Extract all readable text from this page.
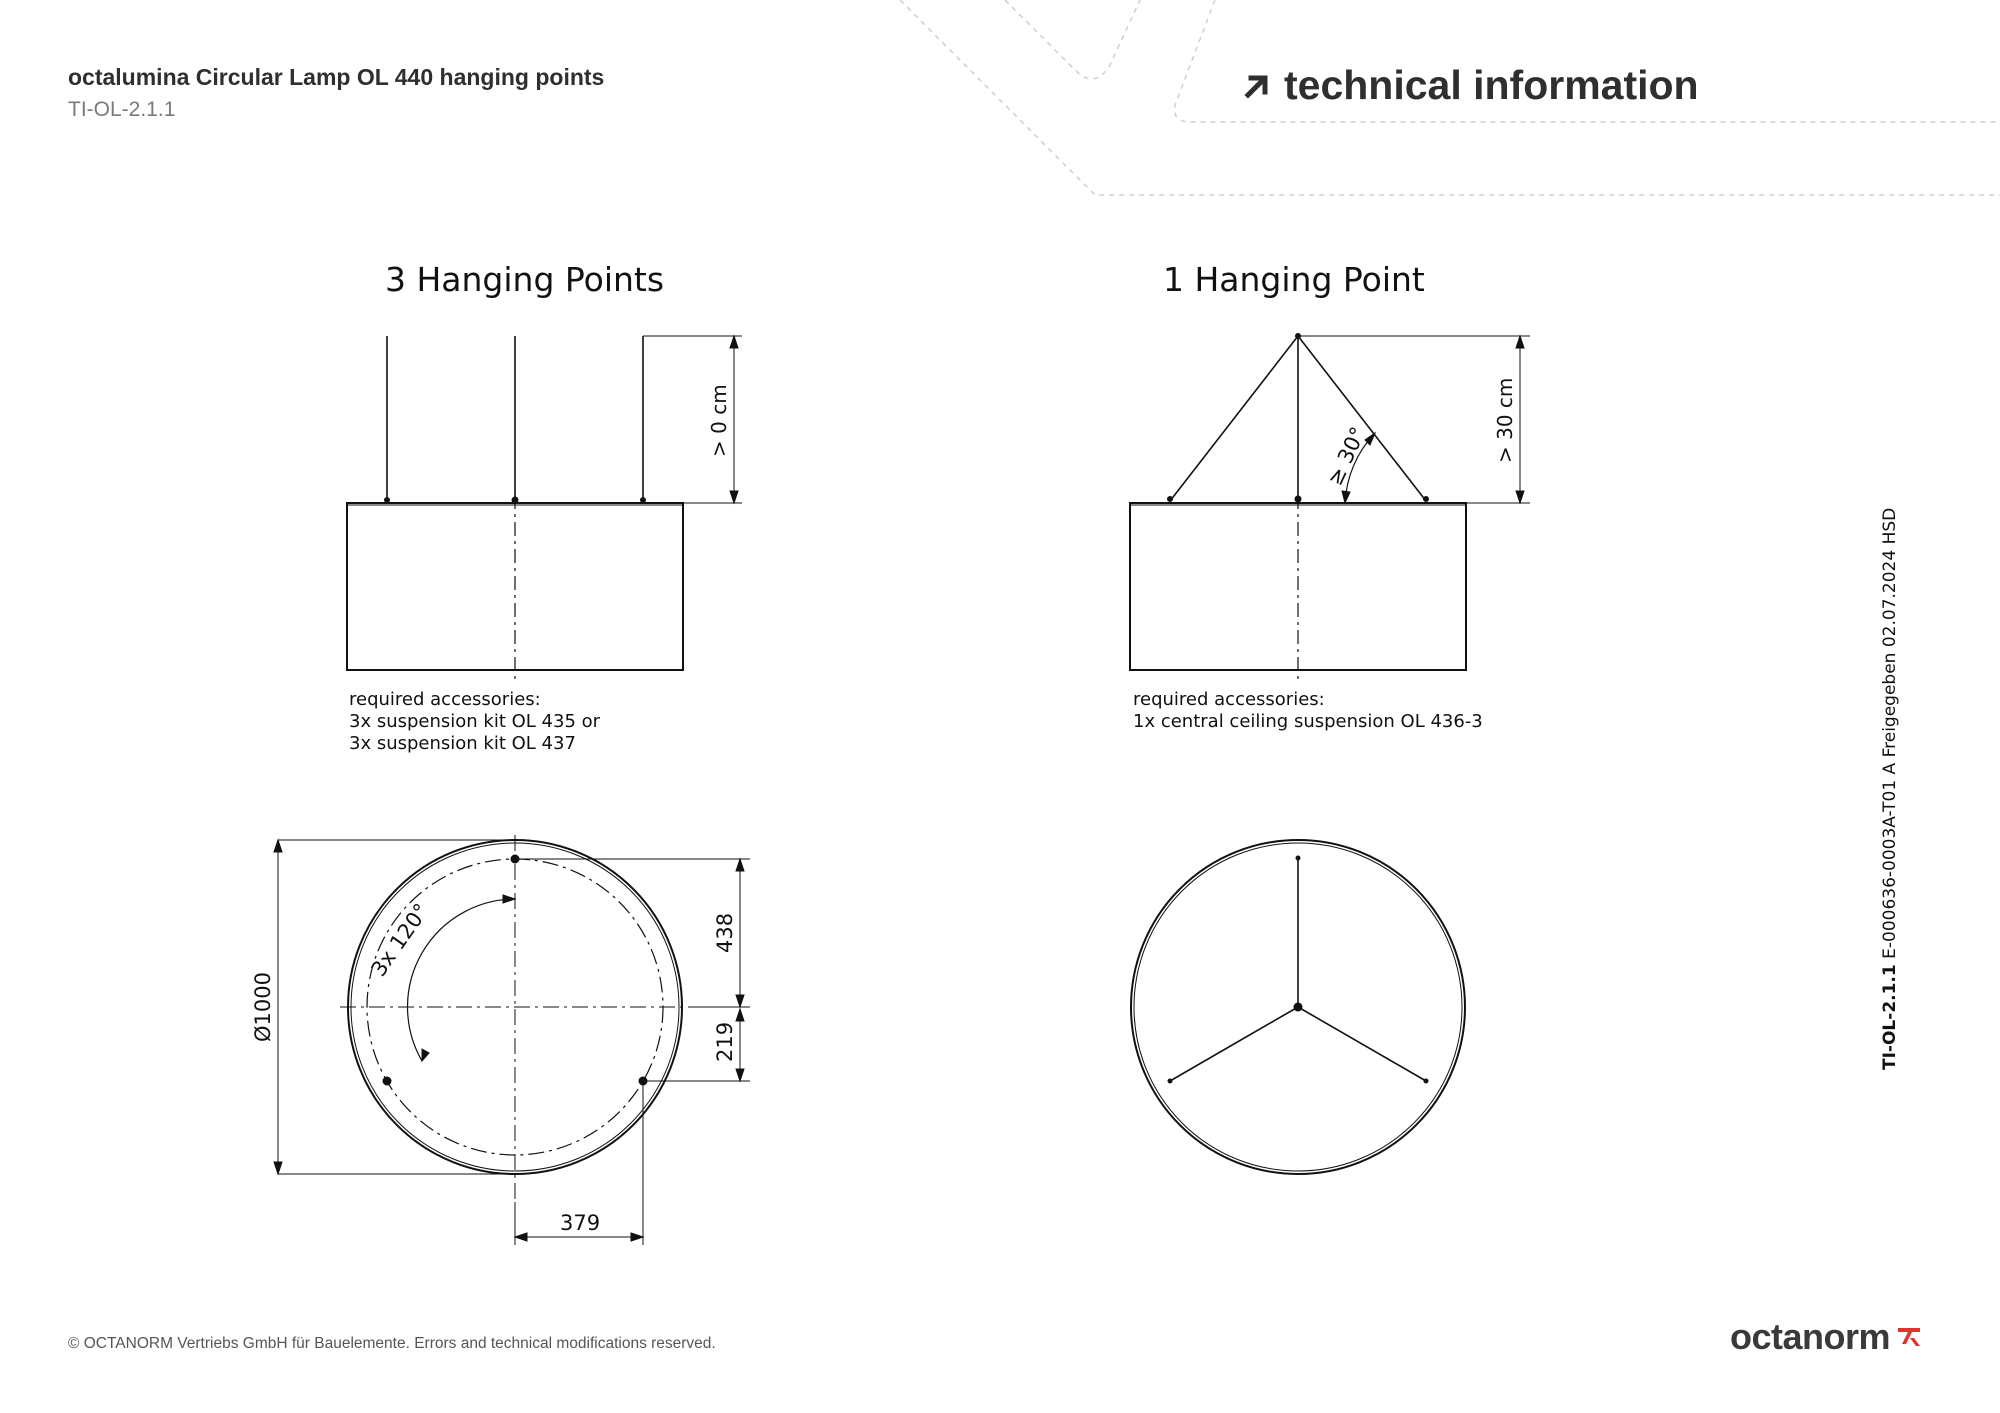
octalumina Circular Lamp OL 440 hanging points
TI-OL-2.1.1
technical information
3 Hanging Points	1 Hanging Point
> 0 cm
required accessories:
3x suspension kit OL 435 or
3x suspension kit OL 437
3x 120°
Ø1000
438
219
379
≥ 30°	> 30 cm
required accessories:
1x central ceiling suspension OL 436-3
TI-OL-2.1.1 E-000636-0003A-T01 A Freigegeben 02.07.2024 HSD
© OCTANORM Vertriebs GmbH für Bauelemente. Errors and technical modifications reserved.	octanorm
